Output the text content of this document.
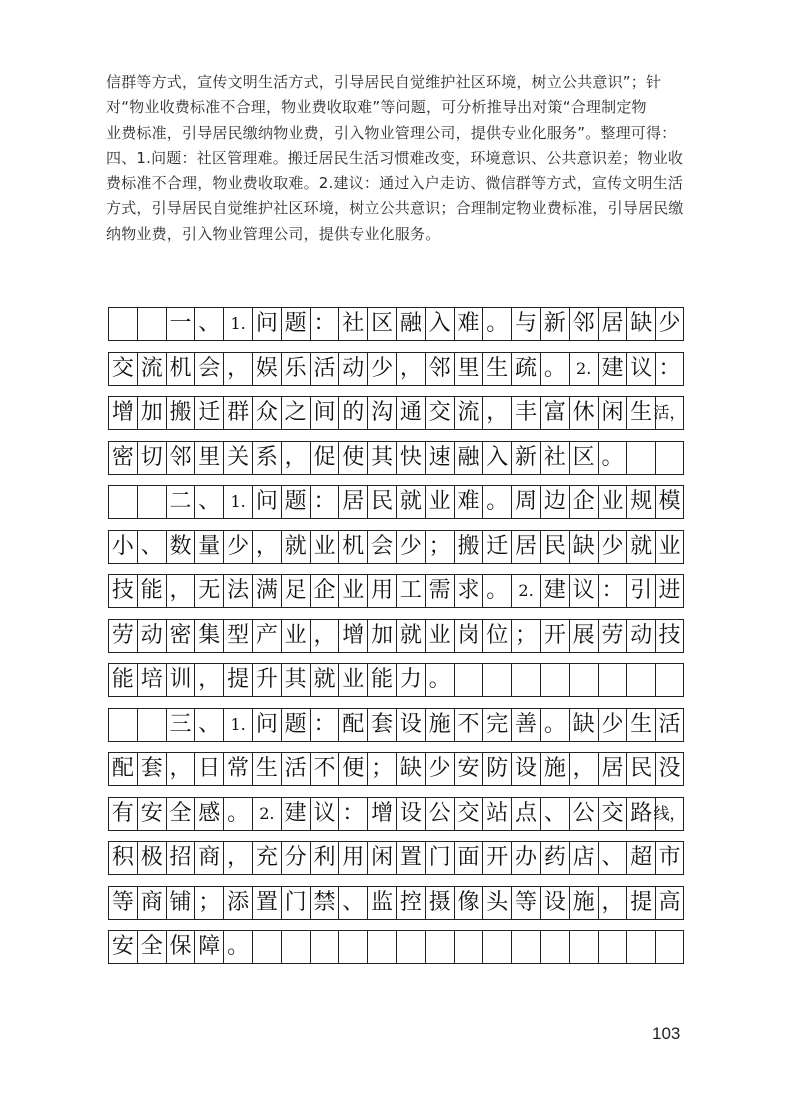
信群等方式，宣传文明生活方式，引导居民自觉维护社区环境，树立公共意识”；针

对“物业收费标准不合理，物业费收取难”等问题，可分析推导出对策“合理制定物

业费标准，引导居民缴纳物业费，引入物业管理公司，提供专业化服务”。整理可得：

四、1.问题：社区管理难。搬迁居民生活习惯难改变，环境意识、公共意识差；物业收

费标准不合理，物业费收取难。2.建议：通过入户走访、微信群等方式，宣传文明生活

方式，引导居民自觉维护社区环境，树立公共意识；合理制定物业费标准，引导居民缴

纳物业费，引入物业管理公司，提供专业化服务。

一 、 1. 问 题 ： 社 区 融 入 难 。 与 新 邻 居 缺 少
交 流 机 会 ， 娱 乐 活 动 少 ， 邻 里 生 疏 。 2. 建 议 ：
增 加 搬 迁 群 众 之 间 的 沟 通 交 流 ， 丰 富 休 闲 生 活，
密 切 邻 里 关 系 ， 促 使 其 快 速 融 入 新 社 区 。
二 、 1. 问 题 ： 居 民 就 业 难 。 周 边 企 业 规 模
小 、 数 量 少 ， 就 业 机 会 少 ； 搬 迁 居 民 缺 少 就 业
技 能 ， 无 法 满 足 企 业 用 工 需 求 。 2. 建 议 ： 引 进
劳 动 密 集 型 产 业 ， 增 加 就 业 岗 位 ； 开 展 劳 动 技
能 培 训 ， 提 升 其 就 业 能 力 。
三 、 1. 问 题 ： 配 套 设 施 不 完 善 。 缺 少 生 活
配 套 ， 日 常 生 活 不 便 ； 缺 少 安 防 设 施 ， 居 民 没
有 安 全 感 。 2. 建 议 ： 增 设 公 交 站 点 、 公 交 路 线，
积 极 招 商 ， 充 分 利 用 闲 置 门 面 开 办 药 店 、 超 市
等 商 铺 ； 添 置 门 禁 、 监 控 摄 像 头 等 设 施 ， 提 高
安 全 保 障 。
103
